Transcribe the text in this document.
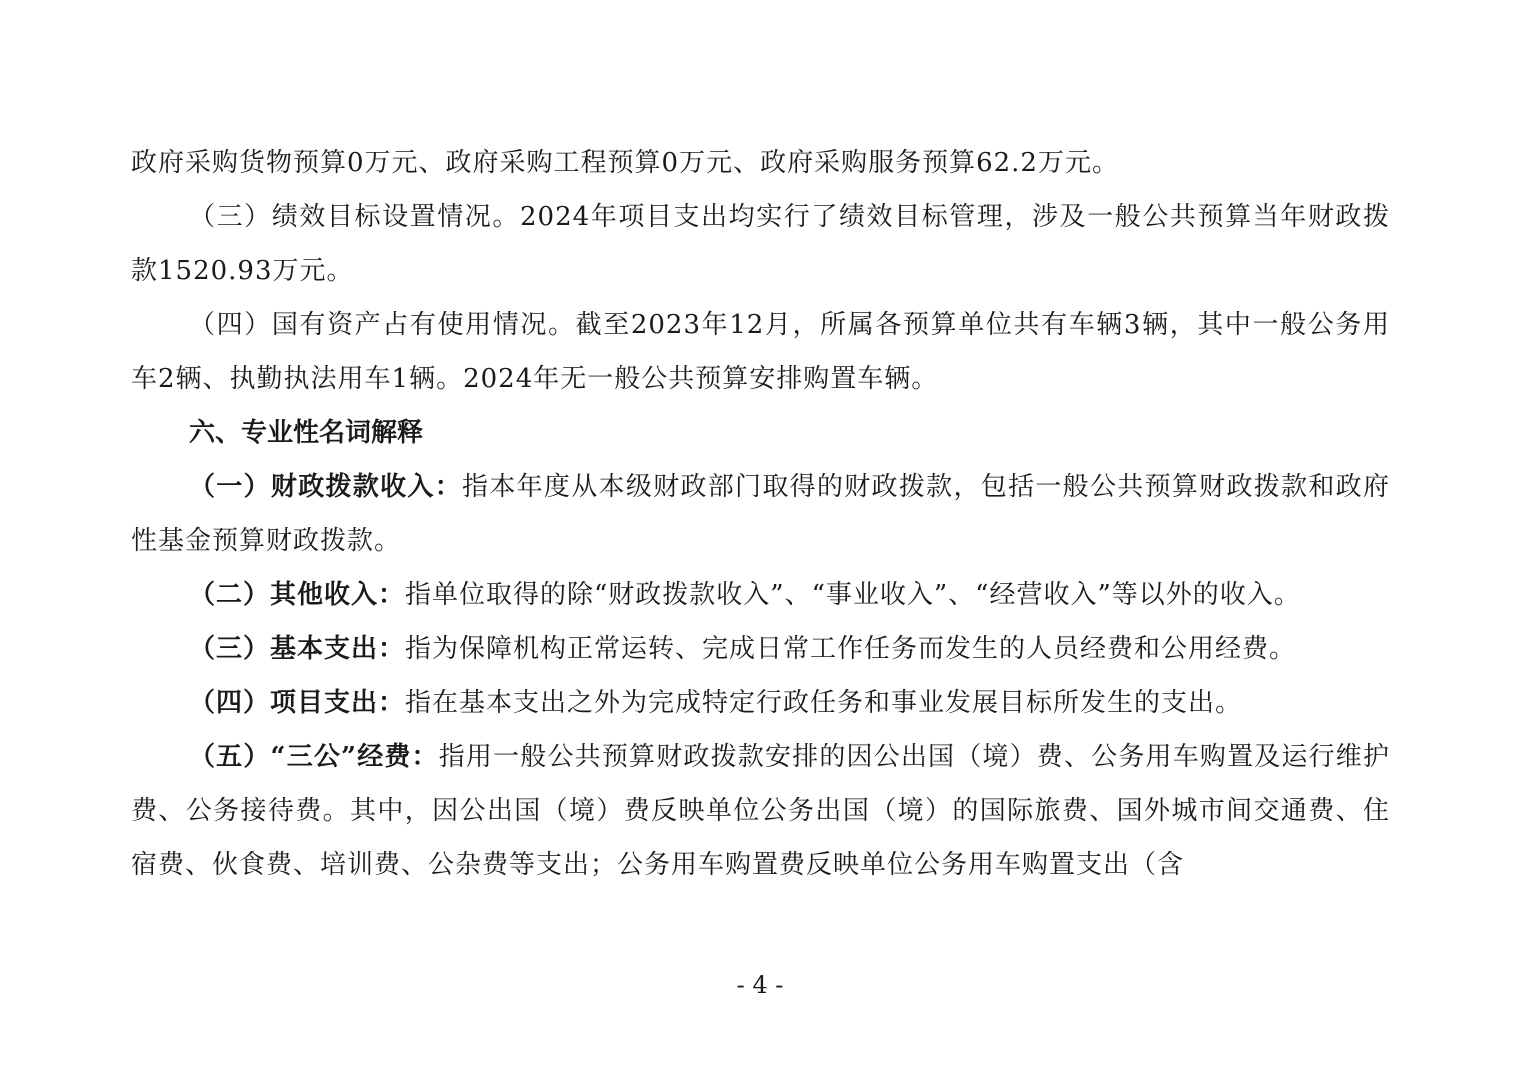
政府采购货物预算0万元、政府采购工程预算0万元、政府采购服务预算62.2万元。

（三）绩效目标设置情况。2024年项目支出均实行了绩效目标管理，涉及一般公共预算当年财政拨款1520.93万元。

（四）国有资产占有使用情况。截至2023年12月，所属各预算单位共有车辆3辆，其中一般公务用车2辆、执勤执法用车1辆。2024年无一般公共预算安排购置车辆。

六、专业性名词解释

（一）财政拨款收入：指本年度从本级财政部门取得的财政拨款，包括一般公共预算财政拨款和政府性基金预算财政拨款。

（二）其他收入：指单位取得的除“财政拨款收入”、“事业收入”、“经营收入”等以外的收入。

（三）基本支出：指为保障机构正常运转、完成日常工作任务而发生的人员经费和公用经费。

（四）项目支出：指在基本支出之外为完成特定行政任务和事业发展目标所发生的支出。

（五）“三公”经费：指用一般公共预算财政拨款安排的因公出国（境）费、公务用车购置及运行维护费、公务接待费。其中，因公出国（境）费反映单位公务出国（境）的国际旅费、国外城市间交通费、住宿费、伙食费、培训费、公杂费等支出；公务用车购置费反映单位公务用车购置支出（含

- 4 -
